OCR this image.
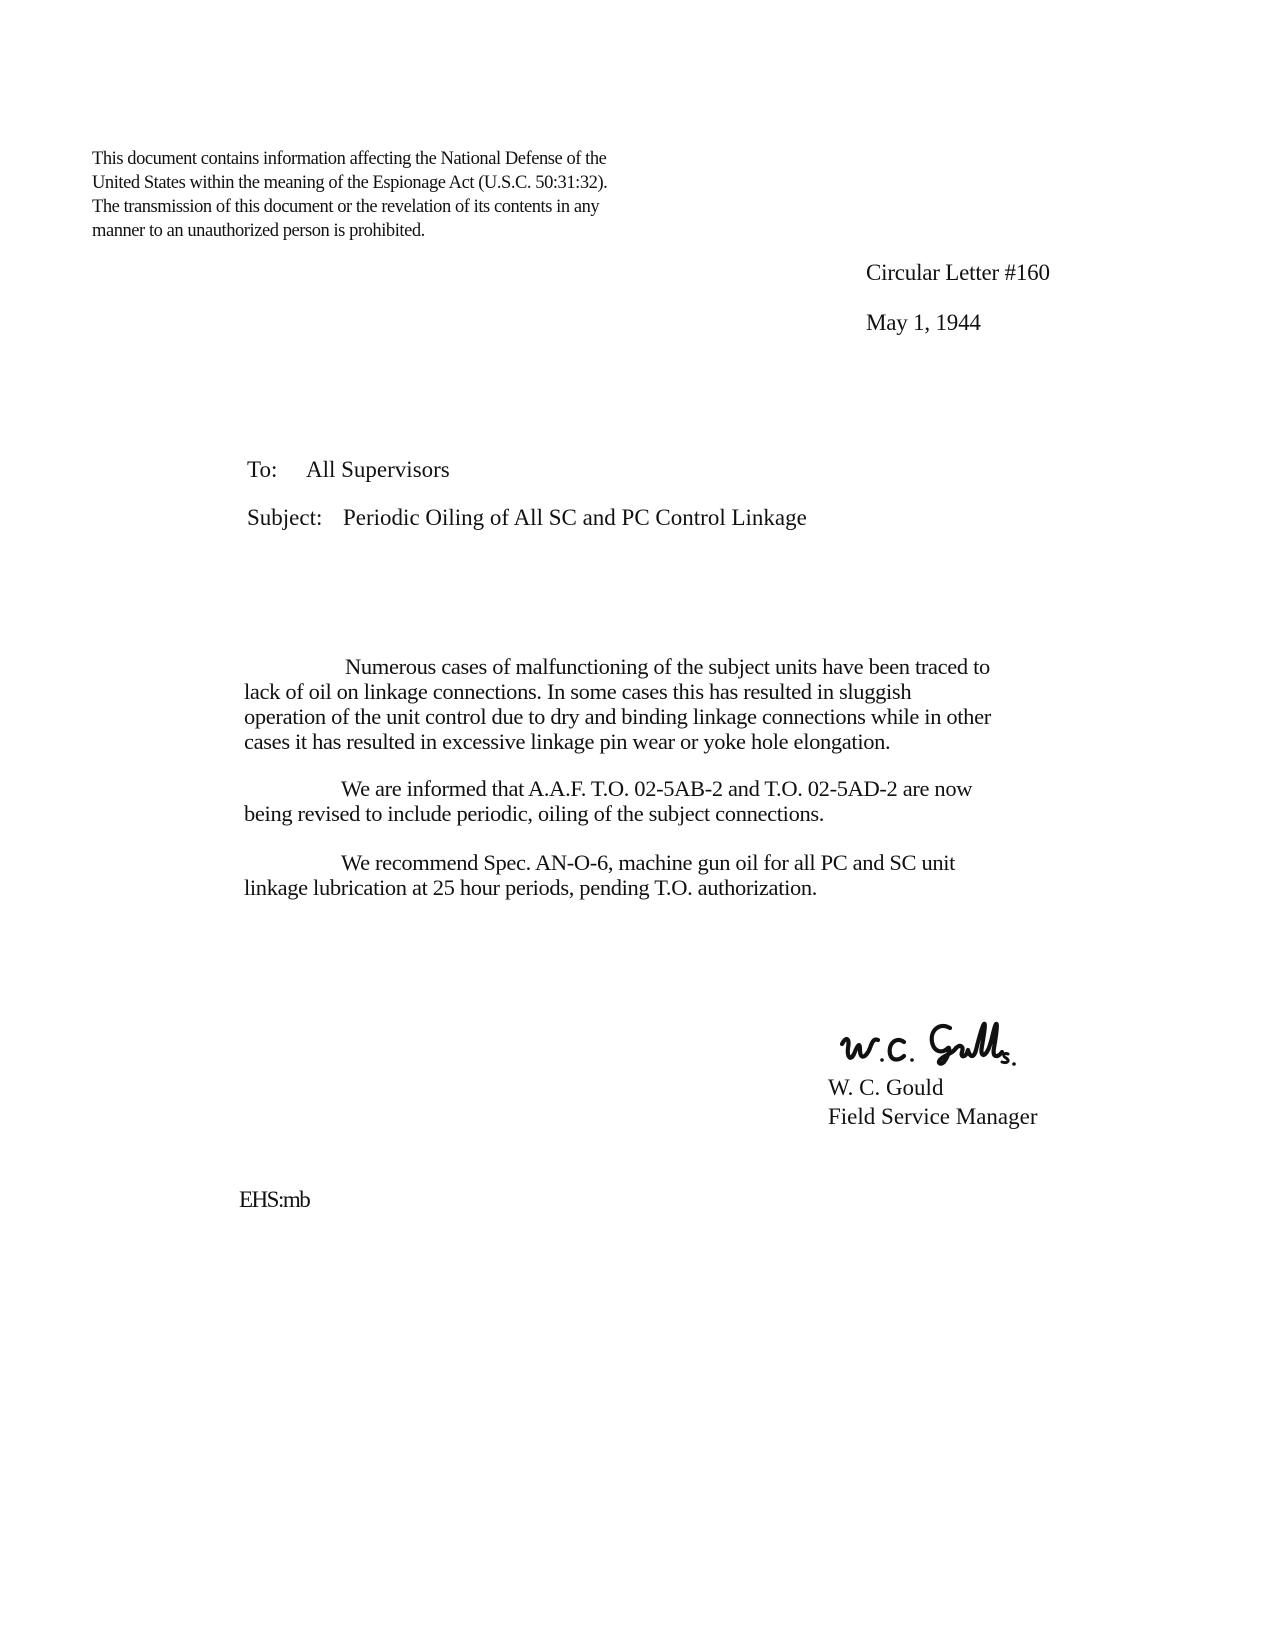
This document contains information affecting the National Defense of the
United States within the meaning of the Espionage Act (U.S.C. 50:31:32).
The transmission of this document or the revelation of its contents in any
manner to an unauthorized person is prohibited.
Circular Letter #160
May 1, 1944
To: All Supervisors
Subject: Periodic Oiling of All SC and PC Control Linkage
Numerous cases of malfunctioning of the subject units have been traced to
lack of oil on linkage connections. In some cases this has resulted in sluggish
operation of the unit control due to dry and binding linkage connections while in other
cases it has resulted in excessive linkage pin wear or yoke hole elongation.
We are informed that A.A.F. T.O. 02-5AB-2 and T.O. 02-5AD-2 are now
being revised to include periodic, oiling of the subject connections.
We recommend Spec. AN-O-6, machine gun oil for all PC and SC unit
linkage lubrication at 25 hour periods, pending T.O. authorization.
W. C. Gould
Field Service Manager
EHS:mb
